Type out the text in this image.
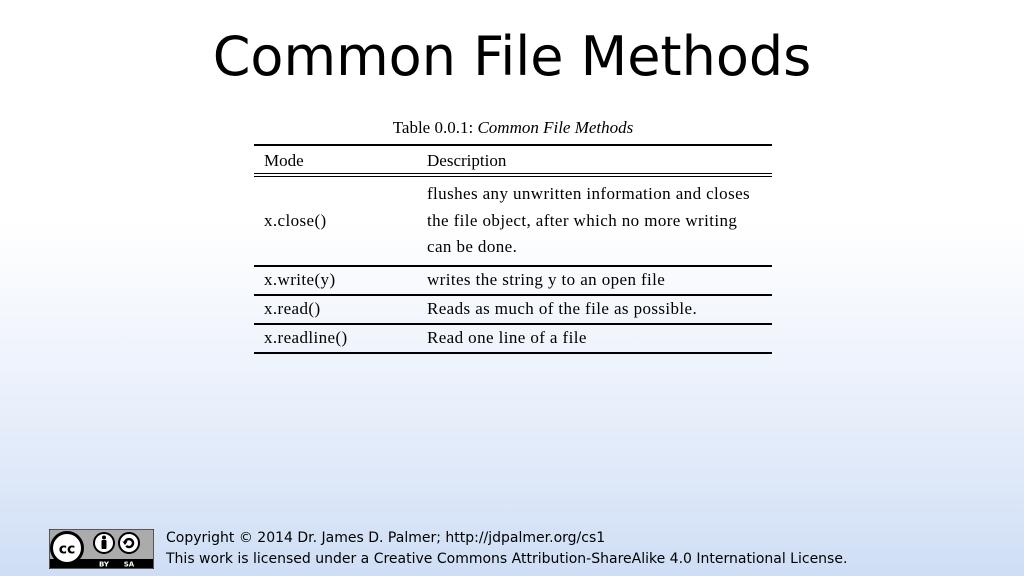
Common File Methods
Table 0.0.1: Common File Methods
Mode	Description
x.close()	flushes any unwritten information and closes the file object, after which no more writing can be done.
x.write(y)	writes the string y to an open file
x.read()	Reads as much of the file as possible.
x.readline()	Read one line of a file
cc
BY SA
Copyright © 2014 Dr. James D. Palmer; http://jdpalmer.org/cs1
This work is licensed under a Creative Commons Attribution-ShareAlike 4.0 International License.
